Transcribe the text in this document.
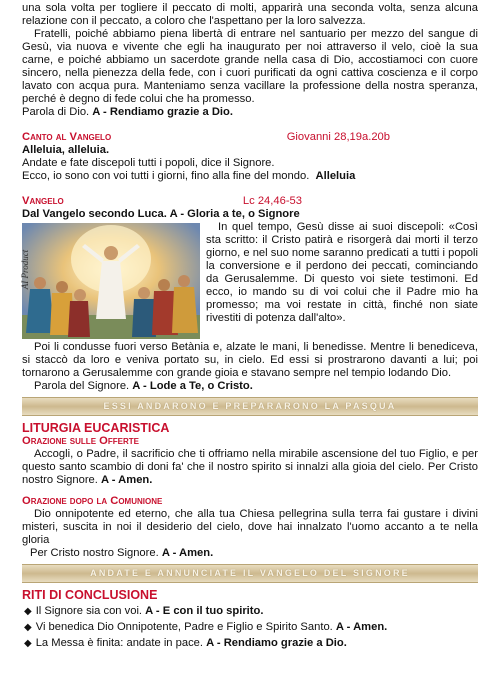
una sola volta per togliere il peccato di molti, apparirà una seconda volta, senza alcuna relazione con il peccato, a coloro che l'aspettano per la loro salvezza.

Fratelli, poiché abbiamo piena libertà di entrare nel santuario per mezzo del sangue di Gesù, via nuova e vivente che egli ha inaugurato per noi attraverso il velo, cioè la sua carne, e poiché abbiamo un sacerdote grande nella casa di Dio, accostiamoci con cuore sincero, nella pienezza della fede, con i cuori purificati da ogni cattiva coscienza e il corpo lavato con acqua pura. Manteniamo senza vacillare la professione della nostra speranza, perché è degno di fede colui che ha promesso.

Parola di Dio. A - Rendiamo grazie a Dio.

Canto al Vangelo	Giovanni 28,19a.20b

Alleluia, alleluia.

Andate e fate discepoli tutti i popoli, dice il Signore.

Ecco, io sono con voi tutti i giorni, fino alla fine del mondo. Alleluia

Vangelo	Lc 24,46-53

Dal Vangelo secondo Luca. A - Gloria a te, o Signore

AI Product

In quel tempo, Gesù disse ai suoi discepoli: «Così sta scritto: il Cristo patirà e risorgerà dai morti il terzo giorno, e nel suo nome saranno predicati a tutti i popoli la conversione e il perdono dei peccati, cominciando da Gerusalemme. Di questo voi siete testimoni. Ed ecco, io mando su di voi colui che il Padre mio ha promesso; ma voi restate in città, finché non siate rivestiti di potenza dall'alto».

Poi li condusse fuori verso Betània e, alzate le mani, li benedisse. Mentre li benediceva, si staccò da loro e veniva portato su, in cielo. Ed essi si prostrarono davanti a lui; poi tornarono a Gerusalemme con grande gioia e stavano sempre nel tempio lodando Dio.

Parola del Signore. A - Lode a Te, o Cristo.

ESSI ANDARONO E PREPARARONO LA PASQUA

LITURGIA EUCARISTICA

Orazione sulle Offerte

Accogli, o Padre, il sacrificio che ti offriamo nella mirabile ascensione del tuo Figlio, e per questo santo scambio di doni fa' che il nostro spirito si innalzi alla gioia del cielo. Per Cristo nostro Signore. A - Amen.

Orazione dopo la Comunione

Dio onnipotente ed eterno, che alla tua Chiesa pellegrina sulla terra fai gustare i divini misteri, suscita in noi il desiderio del cielo, dove hai innalzato l'uomo accanto a te nella gloria

Per Cristo nostro Signore. A - Amen.

ANDATE E ANNUNCIATE IL VANGELO DEL SIGNORE

RITI DI CONCLUSIONE

◆ Il Signore sia con voi. A - E con il tuo spirito.
◆ Vi benedica Dio Onnipotente, Padre e Figlio e Spirito Santo. A - Amen.
◆ La Messa è finita: andate in pace. A - Rendiamo grazie a Dio.
